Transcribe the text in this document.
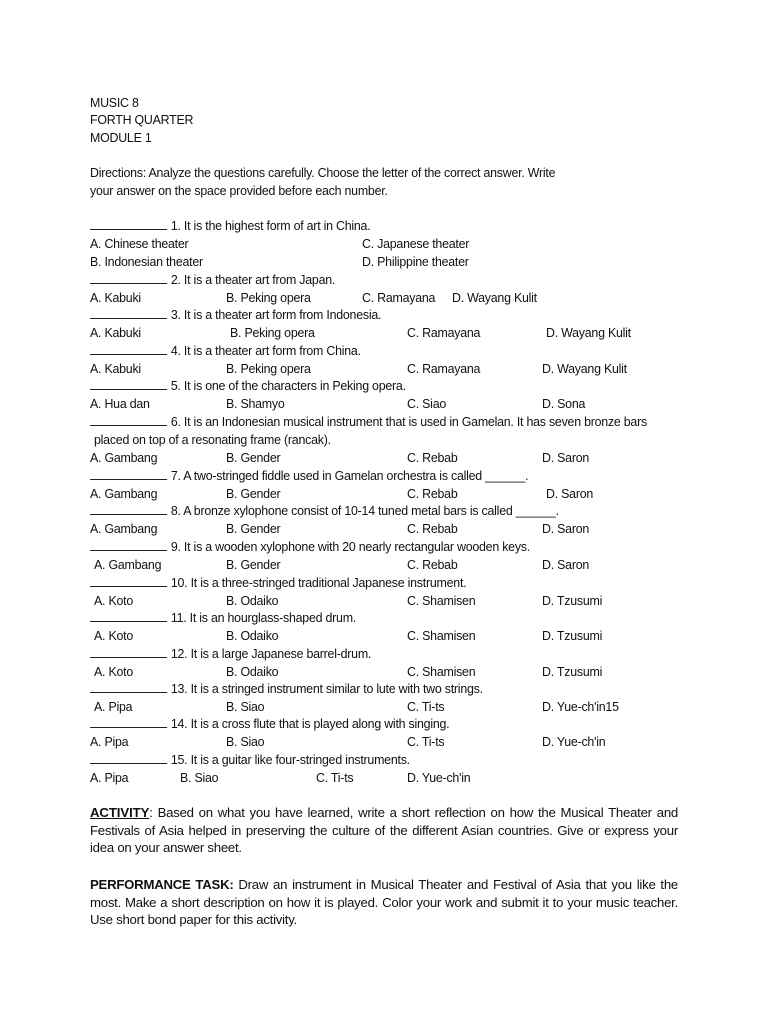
MUSIC 8
FORTH QUARTER
MODULE 1
Directions: Analyze the questions carefully. Choose the letter of the correct answer. Write
your answer on the space provided before each number.
1. It is the highest form of art in China.
A. Chinese theater	C. Japanese theater
B. Indonesian theater	D. Philippine theater
2. It is a theater art from Japan.
A. Kabuki	B. Peking opera	C. Ramayana D. Wayang Kulit
3. It is a theater art form from Indonesia.
A. Kabuki	B. Peking opera	C. Ramayana	D. Wayang Kulit
4. It is a theater art form from China.
A. Kabuki	B. Peking opera	C. Ramayana	D. Wayang Kulit
5. It is one of the characters in Peking opera.
A. Hua dan	B. Shamyo	C. Siao	D. Sona
6. It is an Indonesian musical instrument that is used in Gamelan. It has seven bronze bars
placed on top of a resonating frame (rancak).
A. Gambang	B. Gender	C. Rebab	D. Saron
7. A two-stringed fiddle used in Gamelan orchestra is called ______.
A. Gambang	B. Gender	C. Rebab	D. Saron
8. A bronze xylophone consist of 10-14 tuned metal bars is called ______.
A. Gambang	B. Gender	C. Rebab	D. Saron
9. It is a wooden xylophone with 20 nearly rectangular wooden keys.
A. Gambang	B. Gender	C. Rebab	D. Saron
10. It is a three-stringed traditional Japanese instrument.
A. Koto	B. Odaiko	C. Shamisen	D. Tzusumi
11. It is an hourglass-shaped drum.
A. Koto	B. Odaiko	C. Shamisen	D. Tzusumi
12. It is a large Japanese barrel-drum.
A. Koto	B. Odaiko	C. Shamisen	D. Tzusumi
13. It is a stringed instrument similar to lute with two strings.
A. Pipa	B. Siao	C. Ti-ts	D. Yue-ch'in15
14. It is a cross flute that is played along with singing.
A. Pipa	B. Siao	C. Ti-ts	D. Yue-ch'in
15. It is a guitar like four-stringed instruments.
A. Pipa	B. Siao	C. Ti-ts	D. Yue-ch'in
ACTIVITY: Based on what you have learned, write a short reflection on how the Musical Theater and Festivals of Asia helped in preserving the culture of the different Asian countries. Give or express your idea on your answer sheet.
PERFORMANCE TASK: Draw an instrument in Musical Theater and Festival of Asia that you like the most. Make a short description on how it is played. Color your work and submit it to your music teacher. Use short bond paper for this activity.
